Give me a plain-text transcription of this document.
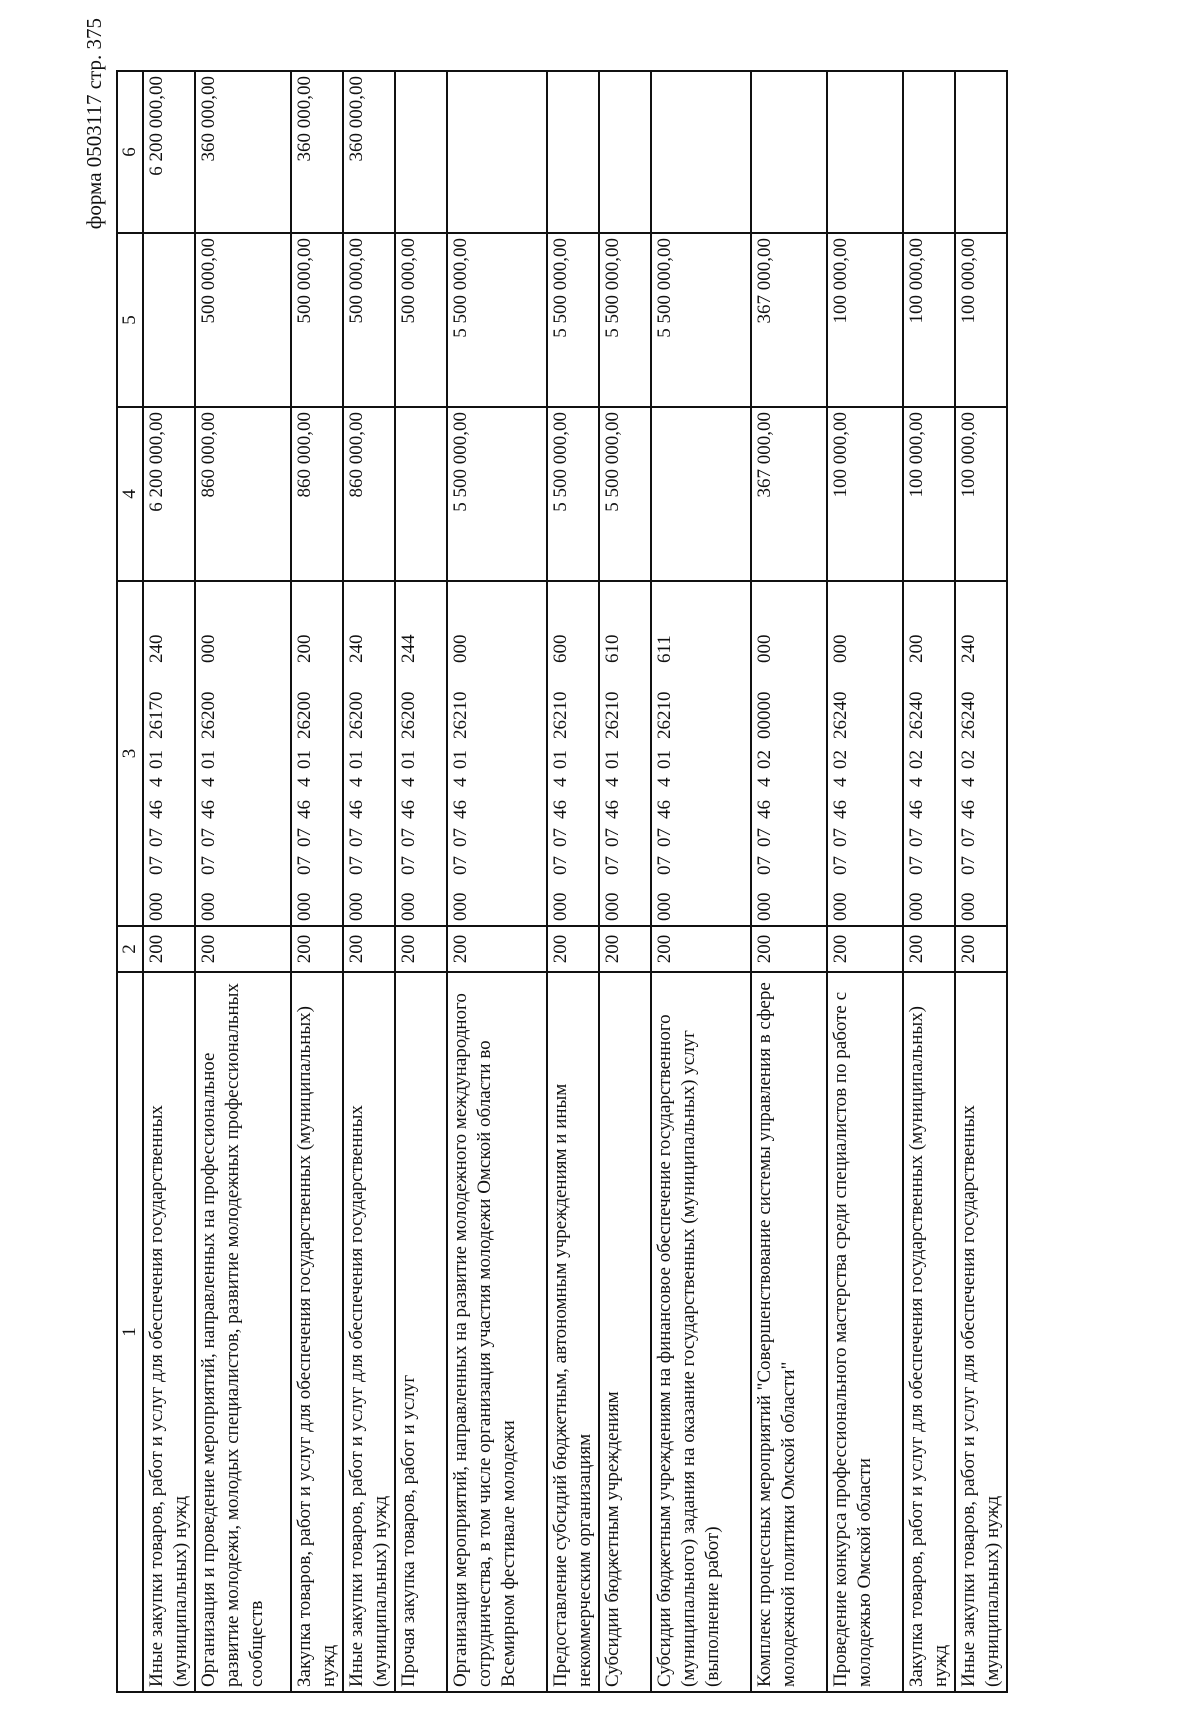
форма 0503117 стр. 375
1	2	3	4	5	6
Иные закупки товаров, работ и услуг для обеспечения государственных (муниципальных) нужд	200	00007074640126170240	6 200 000,00		6 200 000,00
Организация и проведение мероприятий, направленных на профессиональное развитие молодежи, молодых специалистов, развитие молодежных профессиональных сообществ	200	00007074640126200000	860 000,00	500 000,00	360 000,00
Закупка товаров, работ и услуг для обеспечения государственных (муниципальных) нужд	200	00007074640126200200	860 000,00	500 000,00	360 000,00
Иные закупки товаров, работ и услуг для обеспечения государственных (муниципальных) нужд	200	00007074640126200240	860 000,00	500 000,00	360 000,00
Прочая закупка товаров, работ и услуг	200	00007074640126200244		500 000,00	
Организация мероприятий, направленных на развитие молодежного международного сотрудничества, в том числе организация участия молодежи Омской области во Всемирном фестивале молодежи	200	00007074640126210000	5 500 000,00	5 500 000,00	
Предоставление субсидий бюджетным, автономным учреждениям и иным некоммерческим организациям	200	00007074640126210600	5 500 000,00	5 500 000,00	
Субсидии бюджетным учреждениям	200	00007074640126210610	5 500 000,00	5 500 000,00	
Субсидии бюджетным учреждениям на финансовое обеспечение государственного (муниципального) задания на оказание государственных (муниципальных) услуг (выполнение работ)	200	00007074640126210611		5 500 000,00	
Комплекс процессных мероприятий "Совершенствование системы управления в сфере молодежной политики Омской области"	200	00007074640200000000	367 000,00	367 000,00	
Проведение конкурса профессионального мастерства среди специалистов по работе с молодежью Омской области	200	00007074640226240000	100 000,00	100 000,00	
Закупка товаров, работ и услуг для обеспечения государственных (муниципальных) нужд	200	00007074640226240200	100 000,00	100 000,00	
Иные закупки товаров, работ и услуг для обеспечения государственных (муниципальных) нужд	200	00007074640226240240	100 000,00	100 000,00	
